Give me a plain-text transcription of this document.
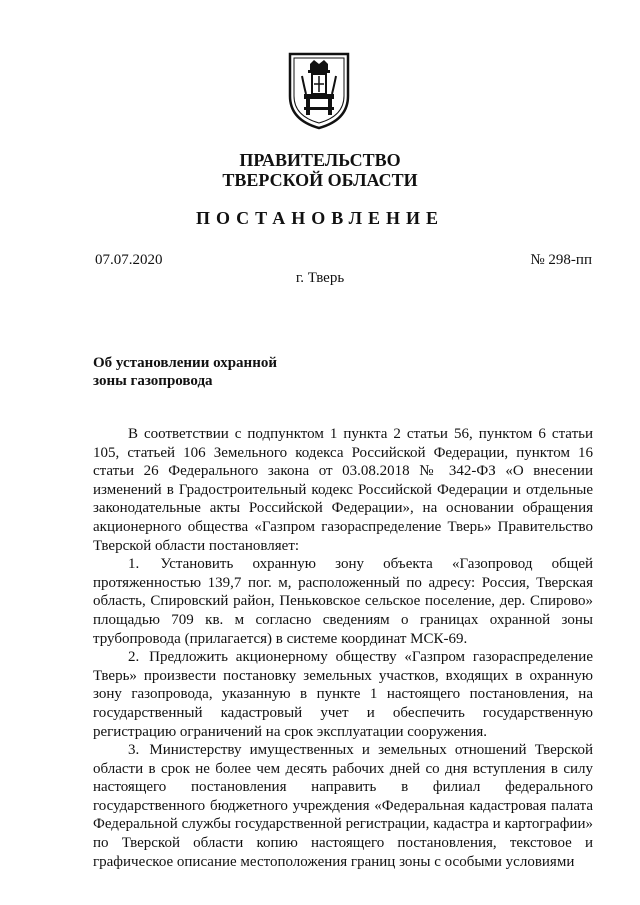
ПРАВИТЕЛЬСТВО
ТВЕРСКОЙ ОБЛАСТИ
ПОСТАНОВЛЕНИЕ
07.07.2020	№ 298-пп
г. Тверь
Об установлении охранной
зоны газопровода

В соответствии с подпунктом 1 пункта 2 статьи 56, пунктом 6 статьи 105, статьей 106 Земельного кодекса Российской Федерации, пунктом 16 статьи 26 Федерального закона от 03.08.2018 № 342-ФЗ «О внесении изменений в Градостроительный кодекс Российской Федерации и отдельные законодательные акты Российской Федерации», на основании обращения акционерного общества «Газпром газораспределение Тверь» Правительство Тверской области постановляет:

1. Установить охранную зону объекта «Газопровод общей протяженностью 139,7 пог. м, расположенный по адресу: Россия, Тверская область, Спировский район, Пеньковское сельское поселение, дер. Спирово» площадью 709 кв. м согласно сведениям о границах охранной зоны трубопровода (прилагается) в системе координат МСК-69.

2. Предложить акционерному обществу «Газпром газораспределение Тверь» произвести постановку земельных участков, входящих в охранную зону газопровода, указанную в пункте 1 настоящего постановления, на государственный кадастровый учет и обеспечить государственную регистрацию ограничений на срок эксплуатации сооружения.

3. Министерству имущественных и земельных отношений Тверской области в срок не более чем десять рабочих дней со дня вступления в силу настоящего постановления направить в филиал федерального государственного бюджетного учреждения «Федеральная кадастровая палата Федеральной службы государственной регистрации, кадастра и картографии» по Тверской области копию настоящего постановления, текстовое и графическое описание местоположения границ зоны с особыми условиями
